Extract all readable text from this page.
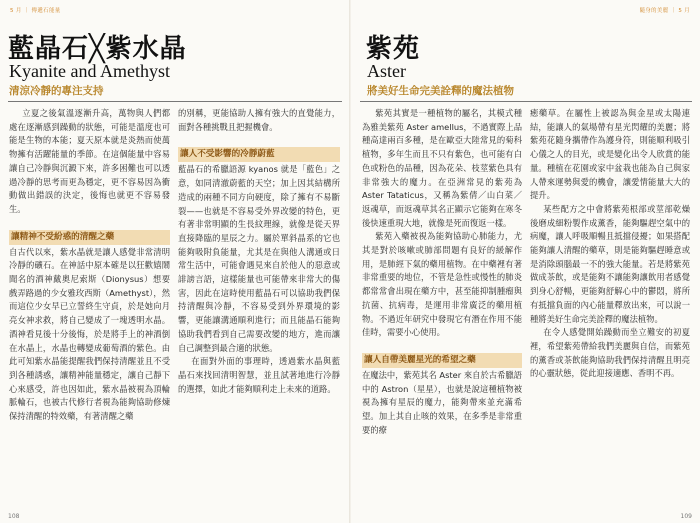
5 月 ｜ 傳遞石能量
藍晶石╳紫水晶
Kyanite and Amethyst
清涼冷靜的專注支持

立夏之後氣溫逐漸升高，萬物與人們都處在逐漸感到躁動的狀態，可能是溫度也可能是生物的本能；夏天原本就是炎熱而使萬物擁有活躍能量的季節。在這個能量中容易讓自己冷靜與沉澱下來，許多困難也可以透過冷靜的思考而更為穩定，更不容易因為衝動做出錯誤的決定，後悔也就更不容易發生。

讓精神不受紛惑的清醒之藥

自古代以來，紫水晶就是讓人感覺非常清明冷靜的礦石。在神話中原本確是以狂歡嬉鬧聞名的酒神戴奧尼索斯（Dionysus）想要戲弄路過的少女雅玫西斯（Amethyst），然而這位少女早已立誓終生守貞，於是她向月亮女神求救，將自己變成了一塊透明水晶。酒神看見後十分後悔，於是將手上的神酒倒在水晶上，水晶也轉變成葡萄酒的紫色。由此可知紫水晶能提醒我們保持清醒並且不受到各種誘惑，讓精神能量穩定，讓自己靜下心來感受，許也因如此，紫水晶被視為頂輪脈輪石，也被古代修行者視為能夠協助修煉保持清醒的特效藥，有著清醒之藥

的別稱，更能協助人擁有強大的直覺能力，面對各種挑戰且把握機會。

讓人不受影響的冷靜蔚藍

藍晶石的希臘語源 kyanos 就是「藍色」之意，如同清澈蔚藍的天空；加上因其結構所造成的兩種不同方向硬度，除了擁有不易斷裂——也就是不容易受外界改變的特色，更有著非常明顯的生長紋理線，就像是從天界直接降臨的星辰之力。屬於單斜晶系的它也能夠吸附負能量，尤其是在與他人溝通或日常生活中，可能會遇見來自於他人的惡意或誹謗言語，這樣能量也可能帶來非常大的傷害，因此在這時使用藍晶石可以協助我們保持清醒與冷靜，不容易受到外界環境的影響，更能讓溝通順利進行；而且能晶石能夠協助我們看到自己需要改變的地方，進而讓自己調整到最合適的狀態。

在面對外面的事理時，透過紫水晶與藍晶石來找回清明智慧，並且試著地進行冷靜的選擇，如此才能夠順利走上未來的道路。

108
隨身的美麗 ｜ 5 月
紫苑
Aster
將美好生命完美詮釋的魔法植物

紫苑其實是一種植物的屬名，其模式種為雅美紫苑 Aster amellus，不過實際上品種高達兩百多種，是在歐亞大陸常見的菊科植物，多年生而且不只有紫色，也可能有白色或粉色的品種，因為花朵、枝莖紫色具有非常強大的魔力。在亞洲常見的紫苑為 Aster Tataticus，又稱為紫倩／山白菜／返魂草，而返魂草其名正顯示它能夠在寒冬後快速重現大地，就像是死而復返一樣。

紫苑入藥被視為能夠協助心肺能力，尤其是對於咳嗽或肺部問題有良好的緩解作用，是肺經下氣的藥用植物。在中藥裡有著非常重要的地位，不管是急性或慢性的肺炎都常常會出現在藥方中，甚至能抑制腫瘤與抗菌、抗病毒，是運用非常廣泛的藥用植物。不過近年研究中發現它有潛在作用不能佳時，需要小心使用。

讓人自帶美麗星光的希望之藥

在魔法中，紫苑其名 Aster 來自於古希臘語中的 Astron（星星），也就是說這種植物被視為擁有星辰的魔力，能夠帶來並充滿希望。加上其自止咳的效果，在多季是非常重要的療

癒藥草。在屬性上被認為與金星或太陽連結，能讓人的氣場帶有星光閃耀的美麗；將紫苑花隨身攜帶作為護身符，則能順利吸引心儀之人的目光，或是變化出令人欣賞的能量。種植在花園或家中盆栽也能為自己與家人帶來運勢與愛的機會，讓愛情能量大大的提升。

某些配方之中會將紫苑根部或莖部乾燥後磨成細粉製作成薰香，能夠驅趕空氣中的病魔，讓人呼吸順暢且抵擋侵擾；如果搭配能夠讓人清醒的藥草，則是能夠驅趕睡意或是消除頭腦最一不的強大能量。若是將紫苑做成茶飲，或是能夠不讓能夠讓飲用者感覺到身心舒暢，更能夠舒解心中的鬱悶，將所有抵擋負面的內心能量釋放出來，可以說一種將美好生命完美詮釋的魔法植物。

在令人感覺開始躁動而坐立難安的初夏裡，希望紫苑帶給我們美麗與自信，而紫苑的薰香或茶飲能夠協助我們保持清醒且明亮的心靈狀態，從此迎接適應、香明不再。

109
